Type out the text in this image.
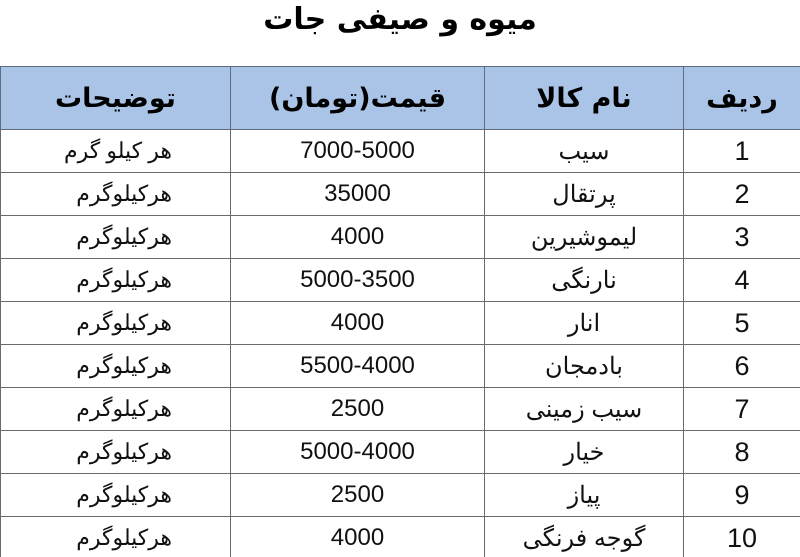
میوه و صیفی جات
ردیف	نام کالا	قیمت(تومان)	توضیحات
1	سیب	7000-5000	هر کیلو گرم
2	پرتقال	35000	هرکیلوگرم
3	لیموشیرین	4000	هرکیلوگرم
4	نارنگی	5000-3500	هرکیلوگرم
5	انار	4000	هرکیلوگرم
6	بادمجان	5500-4000	هرکیلوگرم
7	سیب زمینی	2500	هرکیلوگرم
8	خیار	5000-4000	هرکیلوگرم
9	پیاز	2500	هرکیلوگرم
10	گوجه فرنگی	4000	هرکیلوگرم
